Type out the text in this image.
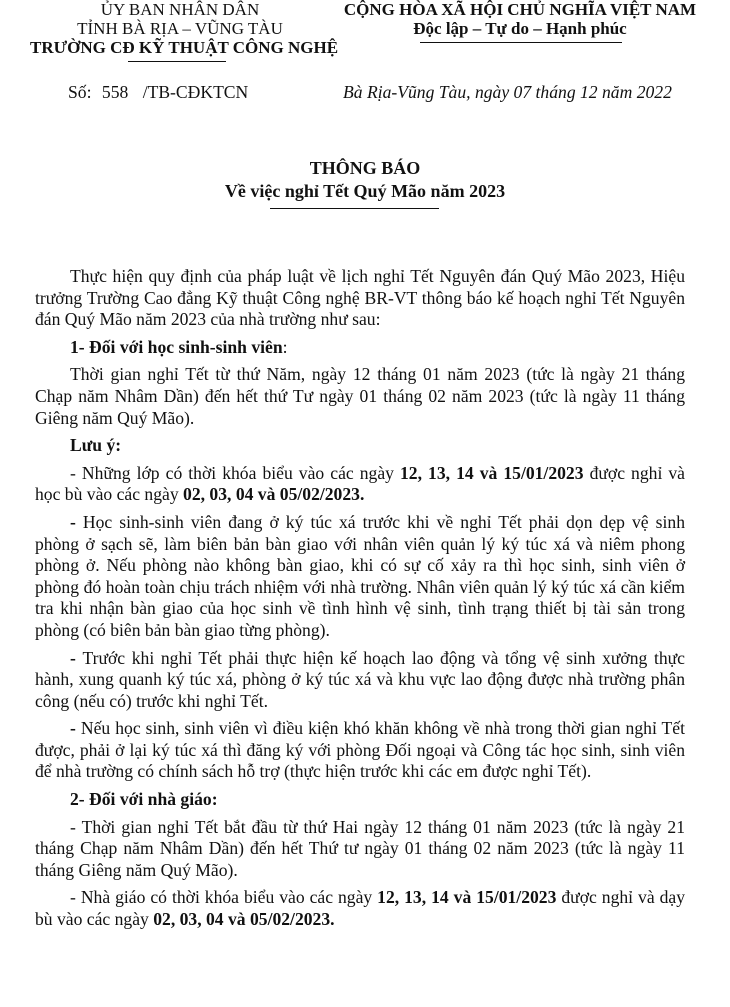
ỦY BAN NHÂN DÂN
TỈNH BÀ RỊA – VŨNG TÀU
TRƯỜNG CĐ KỸ THUẬT CÔNG NGHỆ
CỘNG HÒA XÃ HỘI CHỦ NGHĨA VIỆT NAM
Độc lập – Tự do – Hạnh phúc
Số: 558 /TB-CĐKTCN	Bà Rịa-Vũng Tàu, ngày 07 tháng 12 năm 2022
THÔNG BÁO
Về việc nghỉ Tết Quý Mão năm 2023

Thực hiện quy định của pháp luật về lịch nghỉ Tết Nguyên đán Quý Mão 2023, Hiệu trưởng Trường Cao đẳng Kỹ thuật Công nghệ BR-VT thông báo kế hoạch nghỉ Tết Nguyên đán Quý Mão năm 2023 của nhà trường như sau:

1- Đối với học sinh-sinh viên:

Thời gian nghỉ Tết từ thứ Năm, ngày 12 tháng 01 năm 2023 (tức là ngày 21 tháng Chạp năm Nhâm Dần) đến hết thứ Tư ngày 01 tháng 02 năm 2023 (tức là ngày 11 tháng Giêng năm Quý Mão).

Lưu ý:

- Những lớp có thời khóa biểu vào các ngày 12, 13, 14 và 15/01/2023 được nghỉ và học bù vào các ngày 02, 03, 04 và 05/02/2023.

- Học sinh-sinh viên đang ở ký túc xá trước khi về nghỉ Tết phải dọn dẹp vệ sinh phòng ở sạch sẽ, làm biên bản bàn giao với nhân viên quản lý ký túc xá và niêm phong phòng ở. Nếu phòng nào không bàn giao, khi có sự cố xảy ra thì học sinh, sinh viên ở phòng đó hoàn toàn chịu trách nhiệm với nhà trường. Nhân viên quản lý ký túc xá cần kiểm tra khi nhận bàn giao của học sinh về tình hình vệ sinh, tình trạng thiết bị tài sản trong phòng (có biên bản bàn giao từng phòng).

- Trước khi nghỉ Tết phải thực hiện kế hoạch lao động và tổng vệ sinh xưởng thực hành, xung quanh ký túc xá, phòng ở ký túc xá và khu vực lao động được nhà trường phân công (nếu có) trước khi nghỉ Tết.

- Nếu học sinh, sinh viên vì điều kiện khó khăn không về nhà trong thời gian nghỉ Tết được, phải ở lại ký túc xá thì đăng ký với phòng Đối ngoại và Công tác học sinh, sinh viên để nhà trường có chính sách hỗ trợ (thực hiện trước khi các em được nghỉ Tết).

2- Đối với nhà giáo:

- Thời gian nghỉ Tết bắt đầu từ thứ Hai ngày 12 tháng 01 năm 2023 (tức là ngày 21 tháng Chạp năm Nhâm Dần) đến hết Thứ tư ngày 01 tháng 02 năm 2023 (tức là ngày 11 tháng Giêng năm Quý Mão).

- Nhà giáo có thời khóa biểu vào các ngày 12, 13, 14 và 15/01/2023 được nghỉ và dạy bù vào các ngày 02, 03, 04 và 05/02/2023.
